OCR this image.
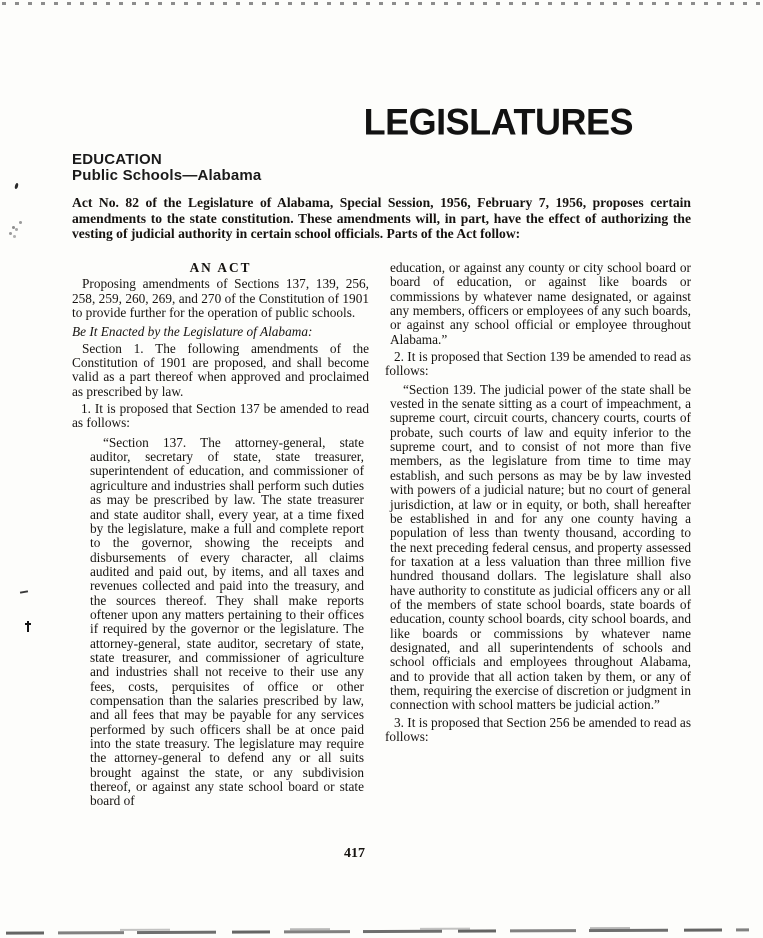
LEGISLATURES
EDUCATION
Public Schools—Alabama
Act No. 82 of the Legislature of Alabama, Special Session, 1956, February 7, 1956, proposes certain amendments to the state constitution. These amendments will, in part, have the effect of authorizing the vesting of judicial authority in certain school officials. Parts of the Act follow:

AN ACT

Proposing amendments of Sections 137, 139, 256, 258, 259, 260, 269, and 270 of the Constitution of 1901 to provide further for the operation of public schools.

Be It Enacted by the Legislature of Alabama:

Section 1. The following amendments of the Constitution of 1901 are proposed, and shall become valid as a part thereof when approved and proclaimed as prescribed by law.

1. It is proposed that Section 137 be amended to read as follows:

“Section 137. The attorney-general, state auditor, secretary of state, state treasurer, superintendent of education, and commissioner of agriculture and industries shall perform such duties as may be prescribed by law. The state treasurer and state auditor shall, every year, at a time fixed by the legislature, make a full and complete report to the governor, showing the receipts and disbursements of every character, all claims audited and paid out, by items, and all taxes and revenues collected and paid into the treasury, and the sources thereof. They shall make reports oftener upon any matters pertaining to their offices if required by the governor or the legislature. The attorney-general, state auditor, secretary of state, state treasurer, and commissioner of agriculture and industries shall not receive to their use any fees, costs, perquisites of office or other compensation than the salaries prescribed by law, and all fees that may be payable for any services performed by such officers shall be at once paid into the state treasury. The legislature may require the attorney-general to defend any or all suits brought against the state, or any subdivision thereof, or against any state school board or state board of

education, or against any county or city school board or board of education, or against like boards or commissions by whatever name designated, or against any members, officers or employees of any such boards, or against any school official or employee throughout Alabama.”

2. It is proposed that Section 139 be amended to read as follows:

“Section 139. The judicial power of the state shall be vested in the senate sitting as a court of impeachment, a supreme court, circuit courts, chancery courts, courts of probate, such courts of law and equity inferior to the supreme court, and to consist of not more than five members, as the legislature from time to time may establish, and such persons as may be by law invested with powers of a judicial nature; but no court of general jurisdiction, at law or in equity, or both, shall hereafter be established in and for any one county having a population of less than twenty thousand, according to the next preceding federal census, and property assessed for taxation at a less valuation than three million five hundred thousand dollars. The legislature shall also have authority to constitute as judicial officers any or all of the members of state school boards, state boards of education, county school boards, city school boards, and like boards or commissions by whatever name designated, and all superintendents of schools and school officials and employees throughout Alabama, and to provide that all action taken by them, or any of them, requiring the exercise of discretion or judgment in connection with school matters be judicial action.”

3. It is proposed that Section 256 be amended to read as follows:

417
